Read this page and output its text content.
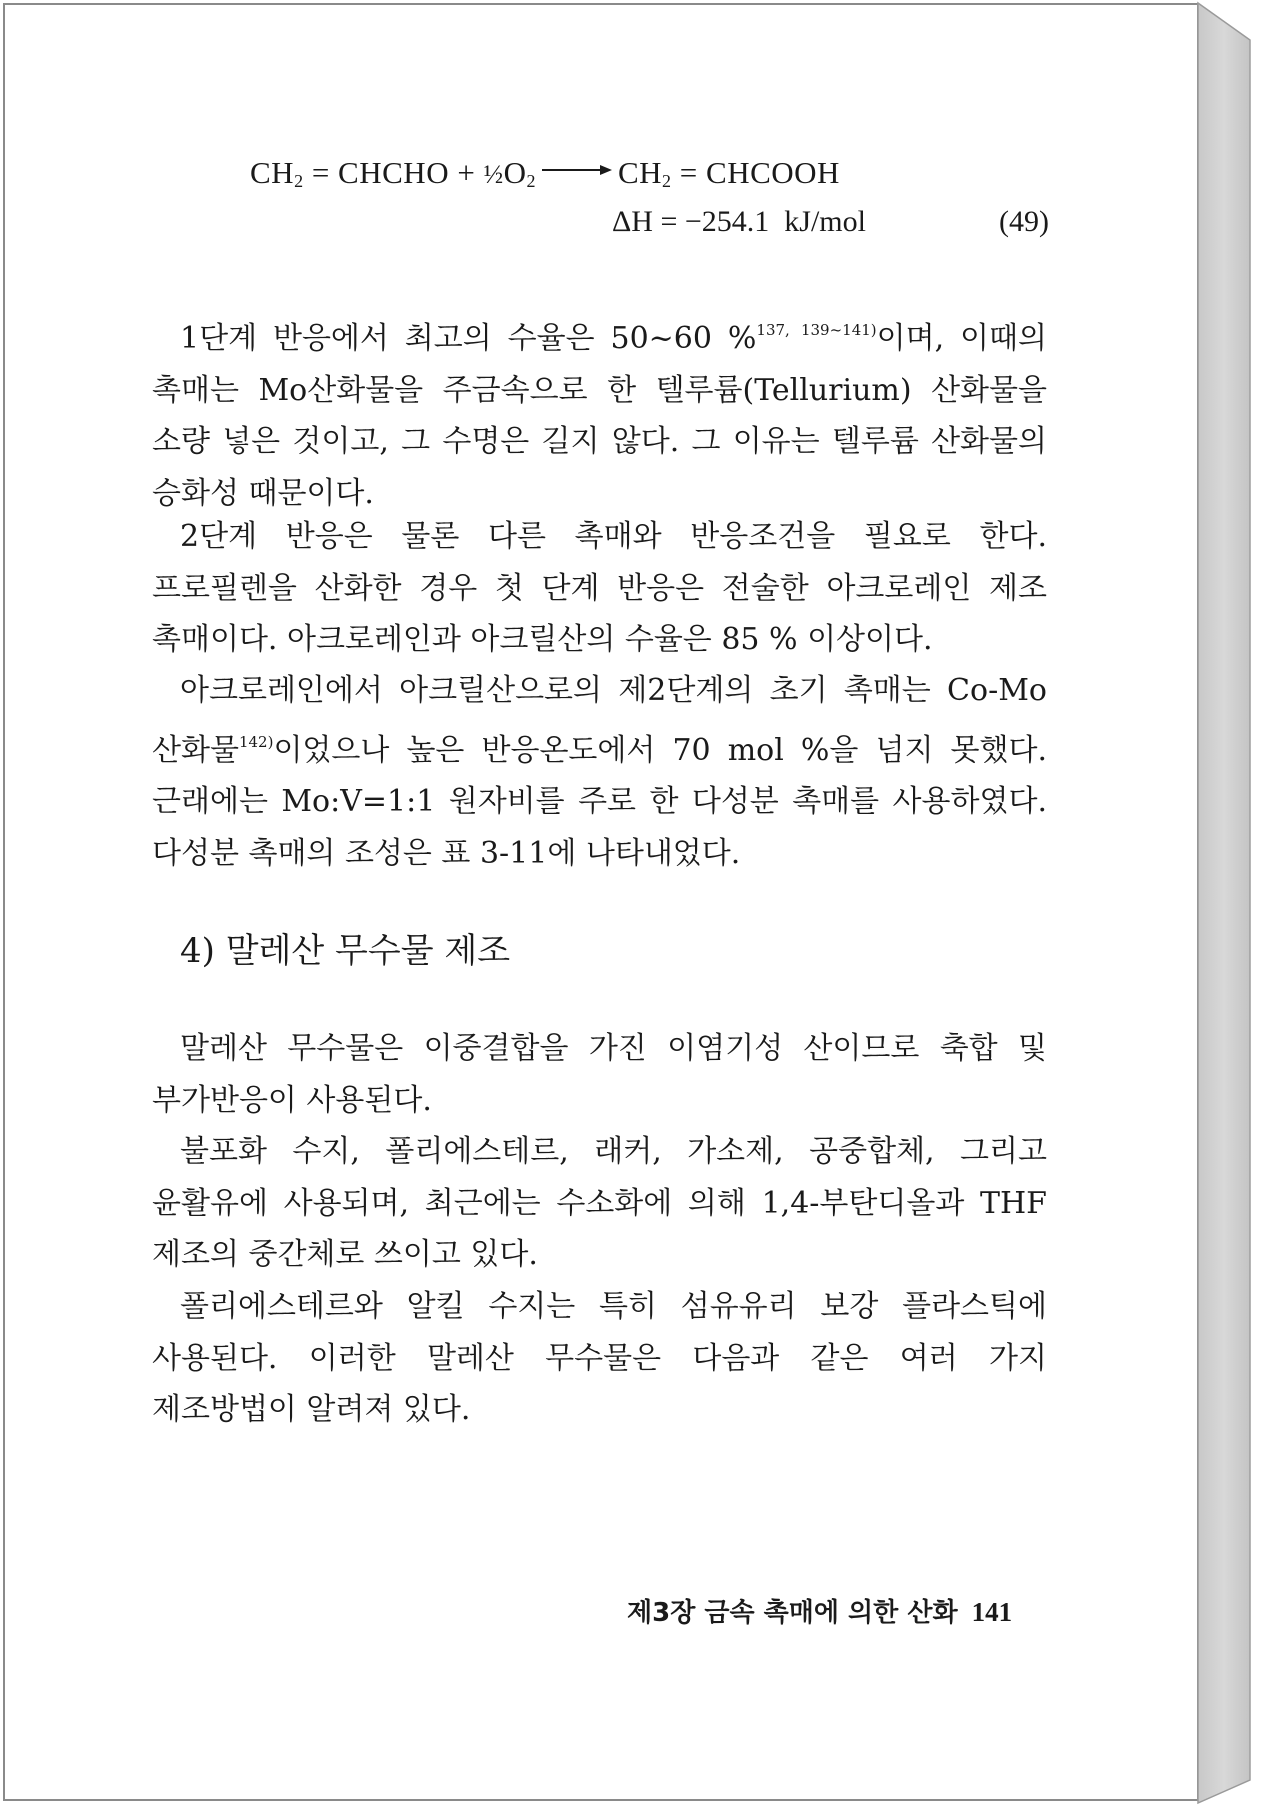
$CH_2$ = CHCHO + $\frac{1}{2}O_2 \to CH_2$ = CHCOOH
ΔH = −254.1  kJ/mol	(49)
1단계 반응에서 최고의 수율은 50~60 %$^{137, 139\sim 141)}$이며, 이때의 촉매는 Mo산화물을 주금속으로 한 텔루륨(Tellurium) 산화물을 소량 넣은 것이고, 그 수명은 길지 않다. 그 이유는 텔루륨 산화물의 승화성 때문이다.
2단계 반응은 물론 다른 촉매와 반응조건을 필요로 한다. 프로필렌을 산화한 경우 첫 단계 반응은 전술한 아크로레인 제조 촉매이다. 아크로레인과 아크릴산의 수율은 85 % 이상이다.
아크로레인에서 아크릴산으로의 제2단계의 초기 촉매는 Co-Mo 산화물$^{142)}$이었으나 높은 반응온도에서 70 mol %을 넘지 못했다. 근래에는 Mo:V=1:1 원자비를 주로 한 다성분 촉매를 사용하였다. 다성분 촉매의 조성은 표 3-11에 나타내었다.
4) 말레산 무수물 제조
말레산 무수물은 이중결합을 가진 이염기성 산이므로 축합 및 부가반응이 사용된다.
불포화 수지, 폴리에스테르, 래커, 가소제, 공중합체, 그리고 윤활유에 사용되며, 최근에는 수소화에 의해 1,4-부탄디올과 THF 제조의 중간체로 쓰이고 있다.
폴리에스테르와 알킬 수지는 특히 섬유유리 보강 플라스틱에 사용된다. 이러한 말레산 무수물은 다음과 같은 여러 가지 제조방법이 알려져 있다.
제3장 금속 촉매에 의한 산화 141
